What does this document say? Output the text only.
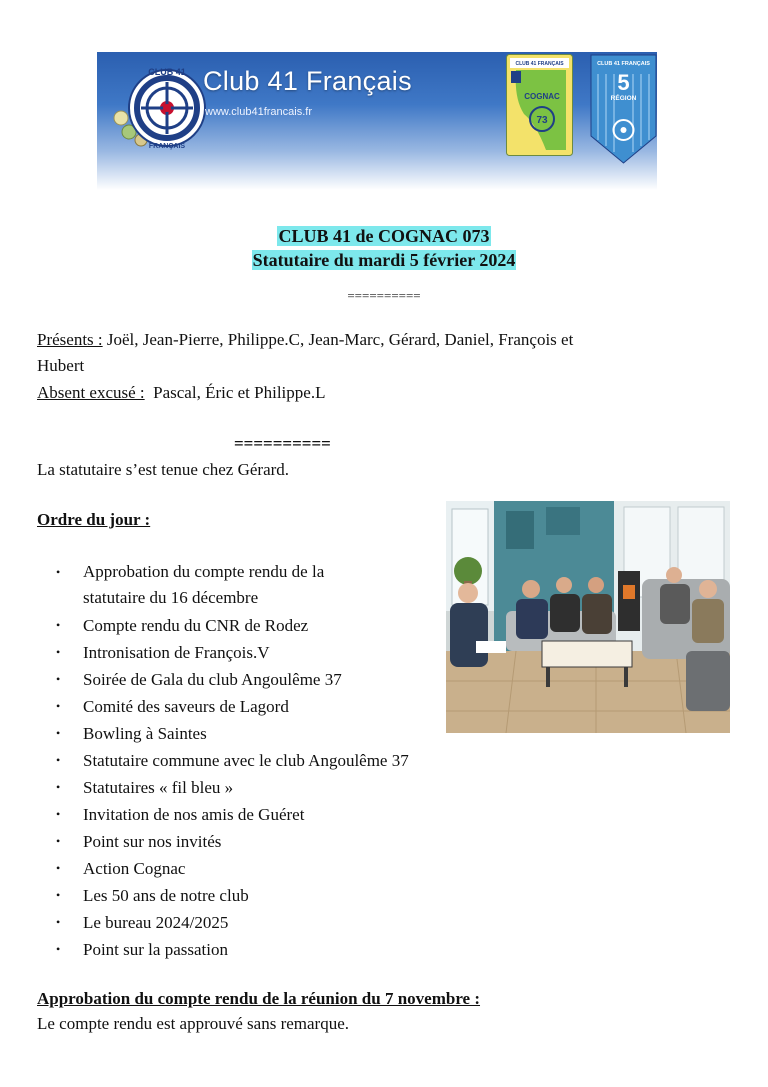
CLUB 41
FRANÇAIS
Club 41 Français
www.club41francais.fr
CLUB 41 FRANÇAIS
COGNAC
73
CLUB 41 FRANÇAIS
5
RÉGION
CLUB 41 de COGNAC 073
Statutaire du mardi 5 février 2024
==========
Présents : Joël, Jean-Pierre, Philippe.C, Jean-Marc, Gérard, Daniel, François et
Hubert
Absent excusé :  Pascal, Éric et Philippe.L
==========
La statutaire s’est tenue chez Gérard.
Ordre du jour :
• Approbation du compte rendu de la statutaire du 16 décembre
• Compte rendu du CNR de Rodez
• Intronisation de François.V
• Soirée de Gala du club Angoulême 37
• Comité des saveurs de Lagord
• Bowling à Saintes
• Statutaire commune avec le club Angoulême 37
• Statutaires « fil bleu »
• Invitation de nos amis de Guéret
• Point sur nos invités
• Action Cognac
• Les 50 ans de notre club
• Le bureau 2024/2025
• Point sur la passation
Approbation du compte rendu de la réunion du 7 novembre :
Le compte rendu est approuvé sans remarque.
